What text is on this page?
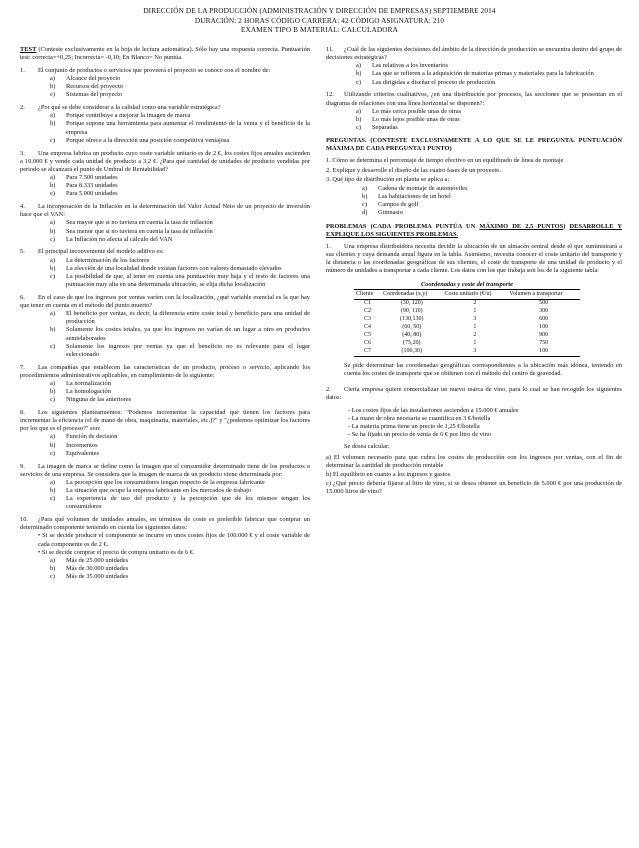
DIRECCIÓN DE LA PRODUCCIÓN (ADMINISTRACIÓN Y DIRECCIÓN DE EMPRESAS) SEPTIEMBRE 2014
DURACIÓN: 2 HORAS CÓDIGO CARRERA: 42 CÓDIGO ASIGNATURA: 210
EXAMEN TIPO B MATERIAL: CALCULADORA
TEST (Conteste exclusivamente en la hoja de lectura automática). Sólo hay una respuesta correcta. Puntuación test: correcta=+0,25; Incorrecta= -0,10; En Blanco= No puntúa.
1. El conjunto de productos o servicios que proveerá el proyecto se conoce con el nombre de:
a) Alcance del proyecto
b) Recursos del proyecto
c) Sistemas del proyecto
2. ¿Por qué se debe considerar a la calidad como una variable estratégica?
a) Porque contribuye a mejorar la imagen de marca
b) Porque supone una herramienta para aumentar el rendimiento de la venta y el beneficio de la empresa
c) Porque ofrece a la dirección una posición competitiva ventajosa
3. Una empresa fabrica un producto cuyo coste variable unitario es de 2 €, los costes fijos anuales ascienden a 10.000 € y vende cada unidad de producto a 3,2 €. ¿Para qué cantidad de unidades de producto vendidas por periodo se alcanzará el punto de Umbral de Rentabilidad?
a) Para 7.500 unidades
b) Para 8.333 unidades
c) Para 5.000 unidades
4. La incorporación de la Inflación en la determinación del Valor Actual Neto de un proyecto de inversión hace que el VAN:
a) Sea mayor que si no tuviera en cuenta la tasa de inflación
b) Sea menor que si no tuviera en cuenta la tasa de inflación
c) La Inflación no afecta al cálculo del VAN
5. El principal inconveniente del modelo aditivo es:
a) La determinación de los factores
b) La elección de una localidad donde existan factores con valores demasiado elevados
c) La posibilidad de que, al tener en cuenta una puntuación muy baja y el resto de factores una puntuación muy alta en una determinada ubicación, se elija dicha localización
6. En el caso de que los ingresos por ventas varíen con la localización, ¿qué variable esencial es la que hay que tener en cuenta en el método del punto muerto?
a) El beneficio por ventas, es decir, la diferencia entre coste total y beneficio para una unidad de producción
b) Solamente los costes totales, ya que los ingresos no varían de un lugar a otro en productos semielaborados
c) Solamente los ingresos por ventas ya que el beneficio no es relevante para el lugar seleccionado
7. Las compañías que establecen las características de un producto, proceso o servicio, aplicando los procedimientos administrativos aplicables, en cumplimiento de lo siguiente:
a) La normalización
b) La homologación
c) Ninguna de las anteriores
8. Los siguientes planteamientos: "Podemos incrementar la capacidad que tienen los factores para incrementar la eficiencia (el de mano de obra, maquinaria, materiales, etc.)?" y "¿podemos optimizar los factores por los que es el proceso?" son:
a) Función de decisión
b) Incrementos
c) Equivalentes
9. La imagen de marca se define como la imagen que el consumidor determinado tiene de los productos o servicios de una empresa. Se considera que la imagen de marca de un producto viene determinada por:
a) La percepción que los consumidores tengan respecto de la empresa fabricante
b) La situación que ocupe la empresa fabricante en los mercados de trabajo
c) La experiencia de uso del producto y la percepción que de los mismos tengan los consumidores
10. ¿Para qué volumen de unidades anuales, en términos de coste es preferible fabricar que comprar un determinado componente teniendo en cuenta los siguientes datos:
• Si se decide producir el componente se incurre en unos costes fijos de 100.000 € y el coste variable de cada componente es de 2 €.
• Si se decide comprar el precio de compra unitario es de 6 €.
a) Más de 25.000 unidades
b) Más de 30.000 unidades
c) Más de 35.000 unidades
11. ¿Cuál de las siguientes decisiones del ámbito de la dirección de producción se encuentra dentro del grupo de decisiones estratégicas?
a) Las relativas a los inventarios
b) Las que se refieren a la adquisición de materias primas y materiales para la fabricación
c) Las dirigidas a diseñar el proceso de producción
12. Utilizando criterios cualitativos, ¿en una distribución por procesos, las secciones que se presentan en el diagrama de relaciones con una línea horizontal se disponen?:
a) Lo más cerca posible unas de otras
b) Lo más lejos posible unas de otras
c) Separadas
PREGUNTAS. (CONTESTE EXCLUSIVAMENTE A LO QUE SE LE PREGUNTA. PUNTUACIÓN MÁXIMA DE CADA PREGUNTA 1 PUNTO)
1. Cómo se determina el porcentaje de tiempo efectivo en un equilibrado de línea de montaje
2. Explique y desarrolle el diseño de las cuatro fases de un proyecto.
3. Qué tipo de distribución en planta se aplica a:
a) Cadena de montaje de automóviles
b) Las habitaciones de un hotel
c) Campos de golf
d) Gimnasio
PROBLEMAS (CADA PROBLEMA PUNTÚA UN MÁXIMO DE 2,5 PUNTOS) DESARROLLE Y EXPLIQUE LOS SIGUIENTES PROBLEMAS.
1. Una empresa distribuidora necesita decidir la ubicación de un almacén central desde el que suministrará a sus clientes y cuya demanda anual figura en la tabla. Asimismo, necesita conocer el coste unitario del transporte y la distancia o las coordenadas geográficas de sus clientes, el coste de transporte de una unidad de producto y el número de unidades a transportar a cada cliente. Los datos con los que trabaja son los de la siguiente tabla:
Coordenadas y coste del transporte
Cliente	Coordenadas (x,y)	Coste unitario (€/u)	Volumen a transportar
C1	(30, 120)	2	500
C2	(90, 110)	1	300
C3	(130,130)	3	600
C4	(60, 50)	1	100
C5	(40, 80)	2	900
C6	(75,20)	1	750
C7	(100,30)	3	100
Se pide determinar las coordenadas geográficas correspondientes a la ubicación más idónea, teniendo en cuenta los costes de transporte que se obtienen con el método del centro de gravedad.
2. Cierta empresa quiere comercializar un nuevo marca de vino, para lo cual se han recogido los siguientes datos:
- Los costes fijos de las instalaciones ascienden a 15.000 € anuales
- La mano de obra necesaria se cuantifica en 3 €/botella
- La materia prima tiene un precio de 1,25 €/botella
- Se ha fijado un precio de venta de 6 € por litro de vino
Se desea calcular:
a) El volumen necesario para que cubra los costes de producción con los ingresos por ventas, con el fin de determinar la cantidad de producción rentable
b) El equilibrio en cuanto a los ingresos y gastos
c) ¿Qué precio debería fijarse al litro de vino, si se desea obtener un beneficio de 5.000 € por una producción de 15.000 litros de vino?
